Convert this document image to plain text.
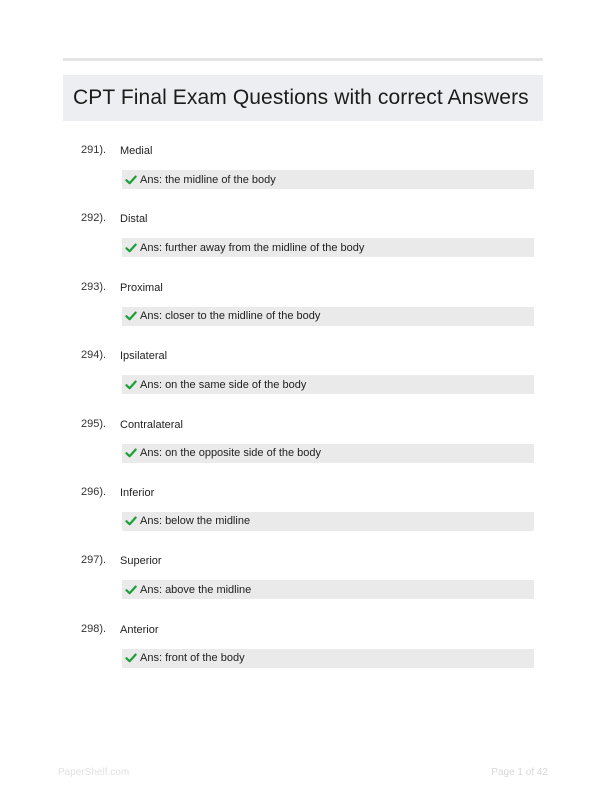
CPT Final Exam Questions with correct Answers
291). Medial
Ans: the midline of the body
292). Distal
Ans: further away from the midline of the body
293). Proximal
Ans: closer to the midline of the body
294). Ipsilateral
Ans: on the same side of the body
295). Contralateral
Ans: on the opposite side of the body
296). Inferior
Ans: below the midline
297). Superior
Ans: above the midline
298). Anterior
Ans: front of the body
PaperShelf.com	Page 1 of 42
